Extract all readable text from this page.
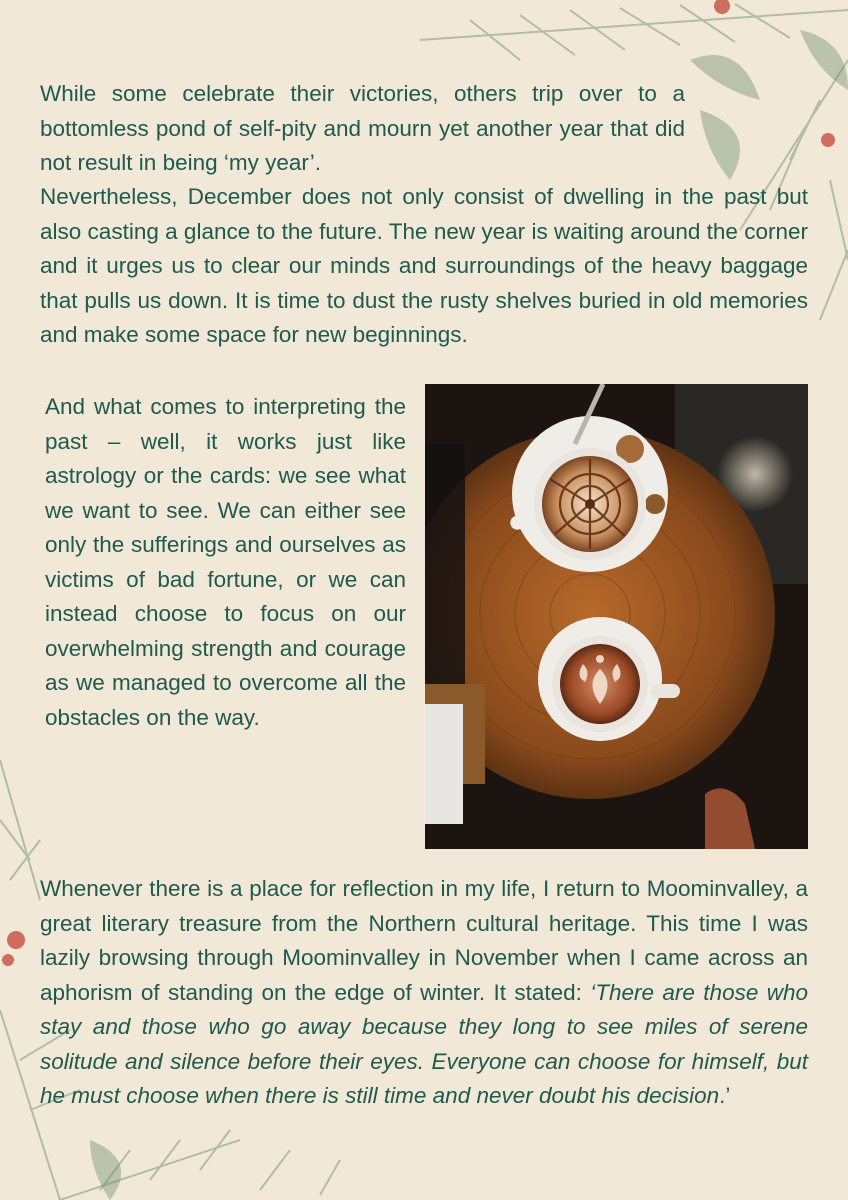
While some celebrate their victories, others trip over to a bottomless pond of self-pity and mourn yet another year that did not result in being ‘my year’.

Nevertheless, December does not only consist of dwelling in the past but also casting a glance to the future. The new year is waiting around the corner and it urges us to clear our minds and surroundings of the heavy baggage that pulls us down. It is time to dust the rusty shelves buried in old memories and make some space for new beginnings.

And what comes to interpreting the past – well, it works just like astrology or the cards: we see what we want to see. We can either see only the sufferings and ourselves as victims of bad fortune, or we can instead choose to focus on our overwhelming strength and courage as we managed to overcome all the obstacles on the way.

Whenever there is a place for reflection in my life, I return to Moominvalley, a great literary treasure from the Northern cultural heritage. This time I was lazily browsing through Moominvalley in November when I came across an aphorism of standing on the edge of winter. It stated: ‘There are those who stay and those who go away because they long to see miles of serene solitude and silence before their eyes. Everyone can choose for himself, but he must choose when there is still time and never doubt his decision.’
